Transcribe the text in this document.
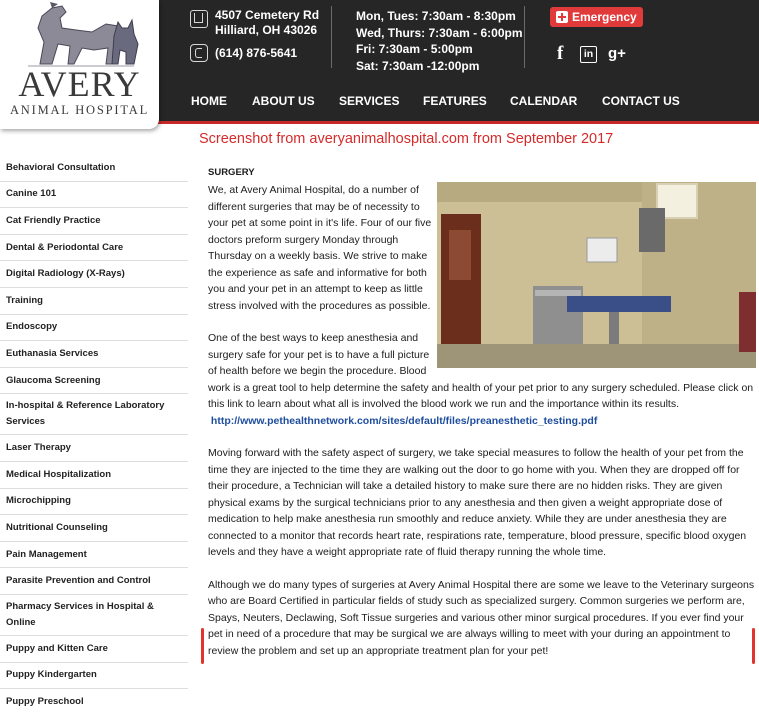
AVERY
ANIMAL HOSPITAL
4507 Cemetery Rd
Hilliard, OH 43026
(614) 876-5641
Mon, Tues: 7:30am - 8:30pm
Wed, Thurs: 7:30am - 6:00pm
Fri: 7:30am - 5:00pm
Sat: 7:30am -12:00pm
Emergency
f	in g+
HOME ABOUT US SERVICES FEATURES CALENDAR CONTACT US
Screenshot from averyanimalhospital.com from September 2017
Behavioral Consultation
Canine 101
Cat Friendly Practice
Dental & Periodontal Care
Digital Radiology (X-Rays)
Training
Endoscopy
Euthanasia Services
Glaucoma Screening
In-hospital & Reference Laboratory Services
Laser Therapy
Medical Hospitalization
Microchipping
Nutritional Counseling
Pain Management
Parasite Prevention and Control
Pharmacy Services in Hospital & Online
Puppy and Kitten Care
Puppy Kindergarten
Puppy Preschool
SURGERY

We, at Avery Animal Hospital, do a number of different surgeries that may be of necessity to your pet at some point in it's life. Four of our five doctors preform surgery Monday through Thursday on a weekly basis. We strive to make the experience as safe and informative for both you and your pet in an attempt to keep as little stress involved with the procedures as possible.

One of the best ways to keep anesthesia and surgery safe for your pet is to have a full picture of health before we begin the procedure. Blood work is a great tool to help determine the safety and health of your pet prior to any surgery scheduled. Please click on this link to learn about what all is involved the blood work we run and the importance within its results.
http://www.pethealthnetwork.com/sites/default/files/preanesthetic_testing.pdf

Moving forward with the safety aspect of surgery, we take special measures to follow the health of your pet from the time they are injected to the time they are walking out the door to go home with you. When they are dropped off for their procedure, a Technician will take a detailed history to make sure there are no hidden risks. They are given physical exams by the surgical technicians prior to any anesthesia and then given a weight appropriate dose of medication to help make anesthesia run smoothly and reduce anxiety. While they are under anesthesia they are connected to a monitor that records heart rate, respirations rate, temperature, blood pressure, specific blood oxygen levels and they have a weight appropriate rate of fluid therapy running the whole time.

Although we do many types of surgeries at Avery Animal Hospital there are some we leave to the Veterinary surgeons who are Board Certified in particular fields of study such as specialized surgery. Common surgeries we perform are, Spays, Neuters, Declawing, Soft Tissue surgeries and various other minor surgical procedures. If you ever find your pet in need of a procedure that may be surgical we are always willing to meet with your during an appointment to review the problem and set up an appropriate treatment plan for your pet!
